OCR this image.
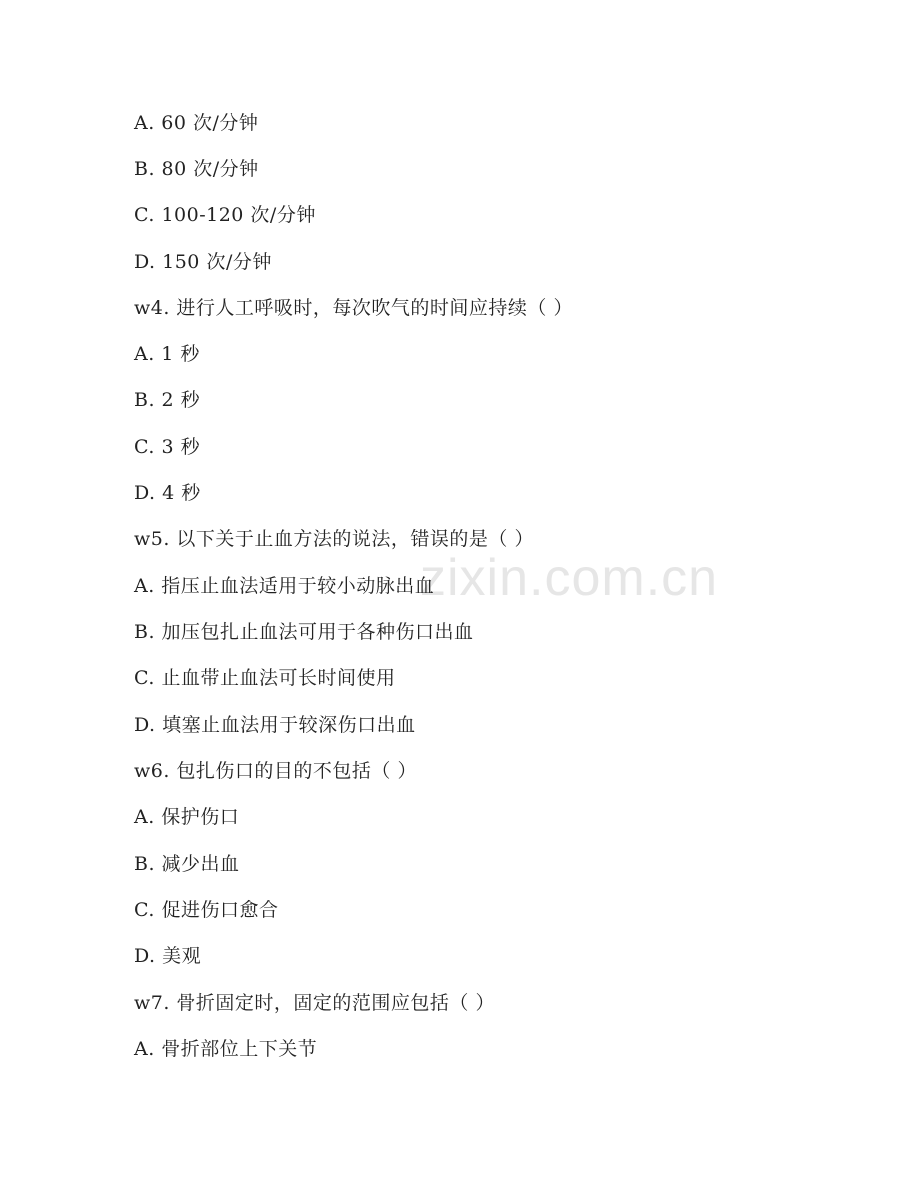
zixin.com.cn
A. 60 次/分钟
B. 80 次/分钟
C. 100-120 次/分钟
D. 150 次/分钟
w4. 进行人工呼吸时，每次吹气的时间应持续（ ）
A. 1 秒
B. 2 秒
C. 3 秒
D. 4 秒
w5. 以下关于止血方法的说法，错误的是（ ）
A. 指压止血法适用于较小动脉出血
B. 加压包扎止血法可用于各种伤口出血
C. 止血带止血法可长时间使用
D. 填塞止血法用于较深伤口出血
w6. 包扎伤口的目的不包括（ ）
A. 保护伤口
B. 减少出血
C. 促进伤口愈合
D. 美观
w7. 骨折固定时，固定的范围应包括（ ）
A. 骨折部位上下关节
